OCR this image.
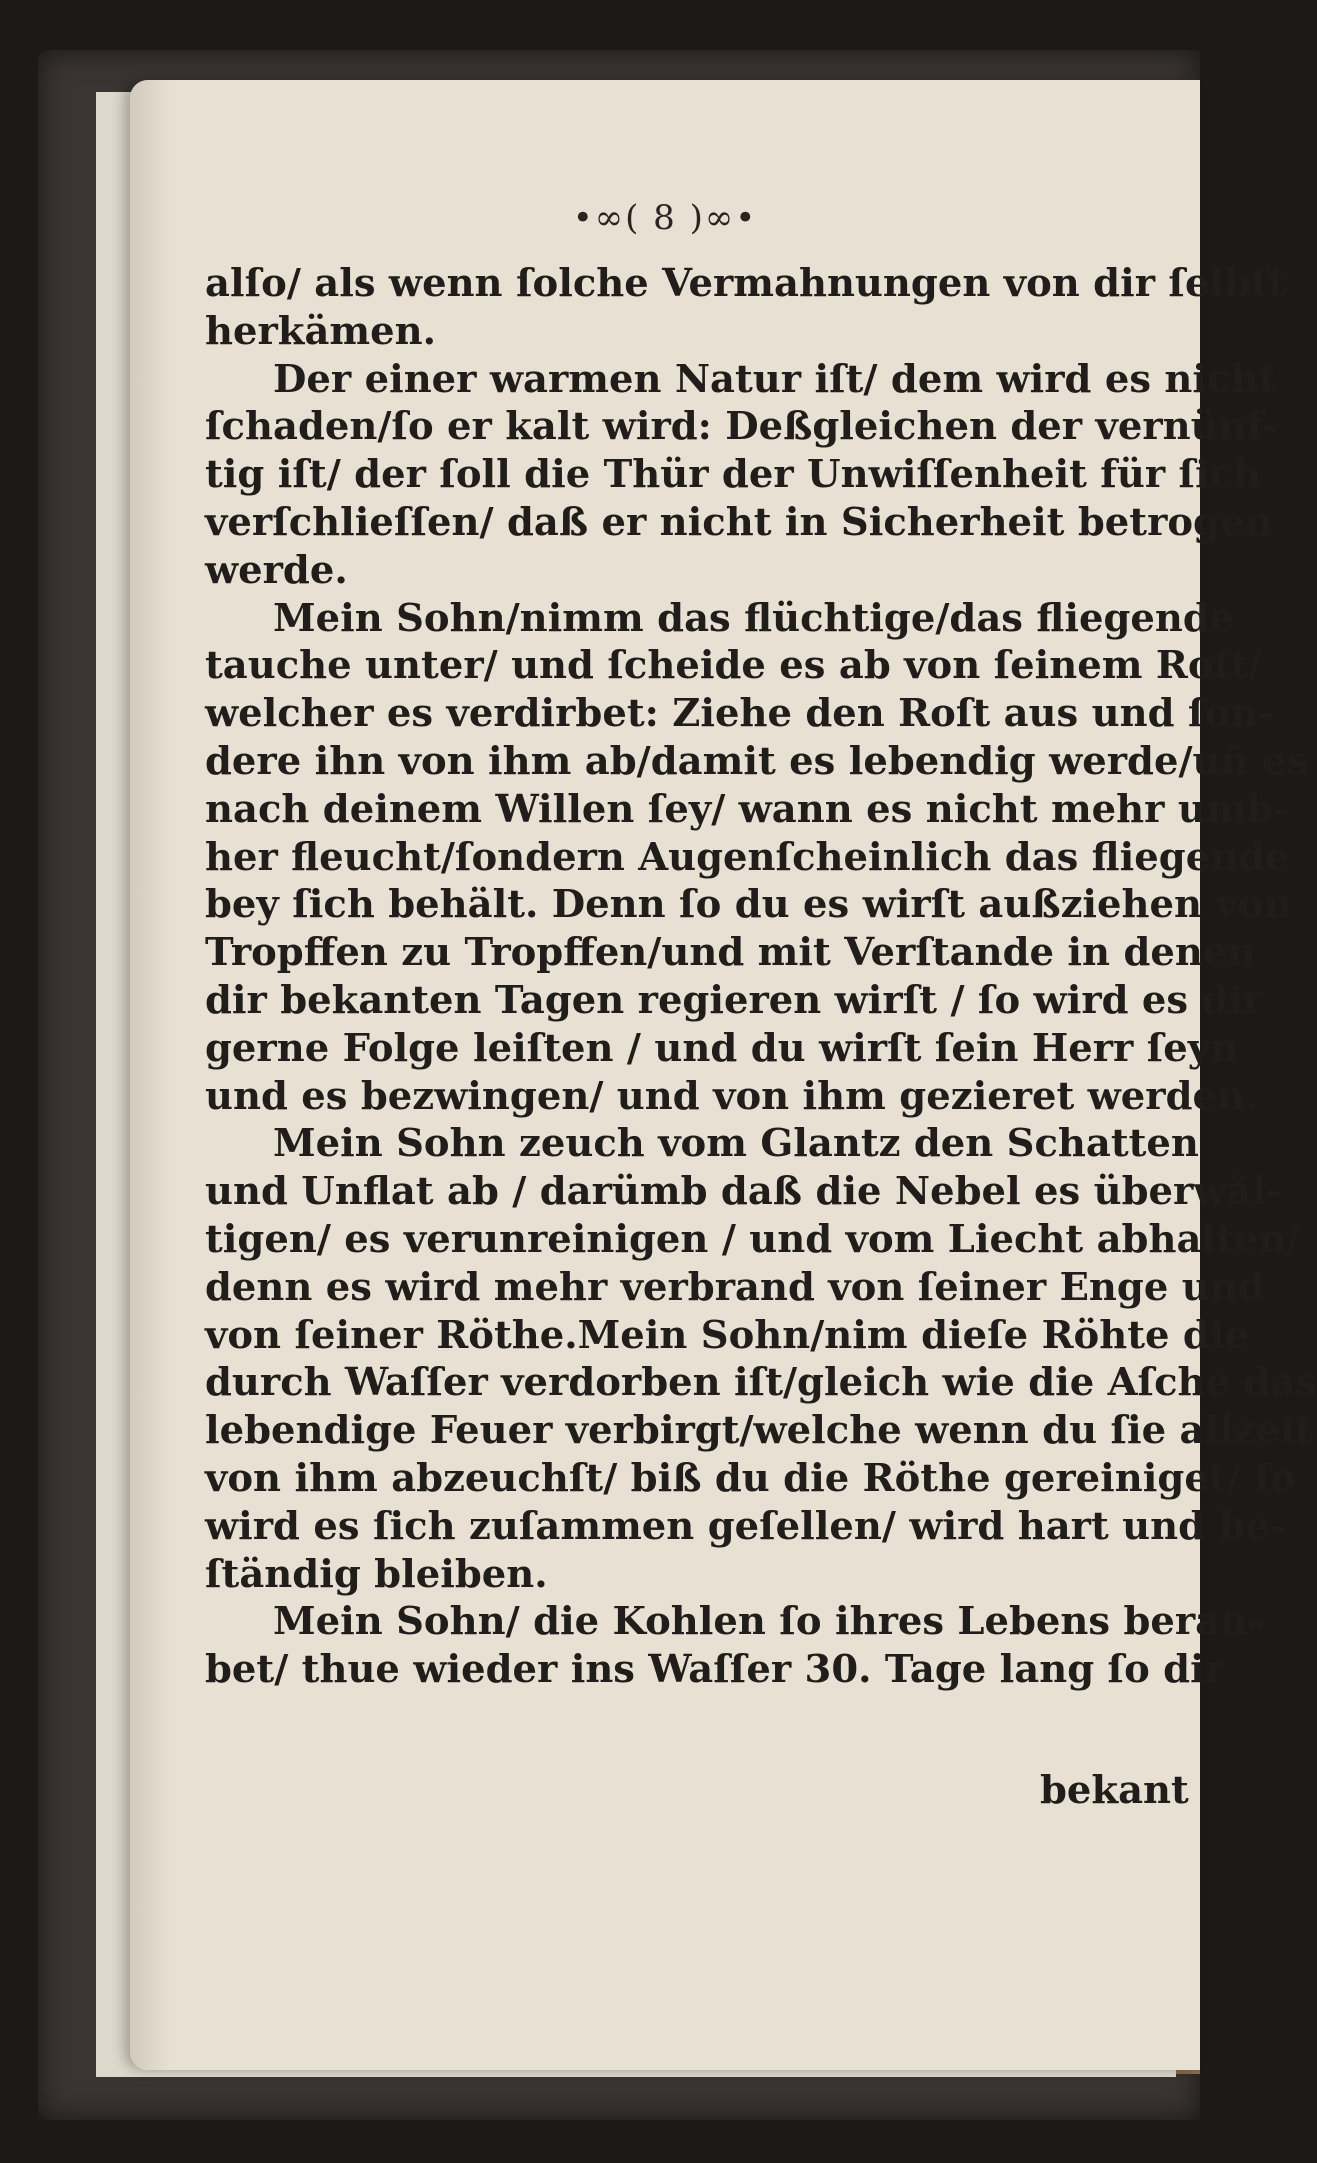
•∞( 8 )∞•
alſo/ als wenn ſolche Vermahnungen von dir ſelbſt
herkämen.
Der einer warmen Natur iſt/ dem wird es nicht
ſchaden/ſo er kalt wird: Deßgleichen der vernünf-
tig iſt/ der ſoll die Thür der Unwiſſenheit für ſich
verſchlieſſen/ daß er nicht in Sicherheit betrogen
werde.
Mein Sohn/nimm das flüchtige/das fliegende
tauche unter/ und ſcheide es ab von ſeinem Roſt/
welcher es verdirbet: Ziehe den Roſt aus und ſon-
dere ihn von ihm ab/damit es lebendig werde/uñ es
nach deinem Willen ſey/ wann es nicht mehr umb-
her fleucht/ſondern Augenſcheinlich das fliegende
bey ſich behält. Denn ſo du es wirſt außziehen von
Tropffen zu Tropffen/und mit Verſtande in denen
dir bekanten Tagen regieren wirſt / ſo wird es dir
gerne Folge leiſten / und du wirſt ſein Herr ſeyn
und es bezwingen/ und von ihm gezieret werden.
Mein Sohn zeuch vom Glantz den Schatten
und Unflat ab / darümb daß die Nebel es überwäl-
tigen/ es verunreinigen / und vom Liecht abhalten/
denn es wird mehr verbrand von ſeiner Enge und
von ſeiner Röthe.Mein Sohn/nim dieſe Röhte die
durch Waſſer verdorben iſt/gleich wie die Aſche das
lebendige Feuer verbirgt/welche wenn du ſie allzeit
von ihm abzeuchſt/ biß du die Röthe gereiniget/ ſo
wird es ſich zuſammen geſellen/ wird hart und be-
ſtändig bleiben.
Mein Sohn/ die Kohlen ſo ihres Lebens berau-
bet/ thue wieder ins Waſſer 30. Tage lang ſo dir
bekant
